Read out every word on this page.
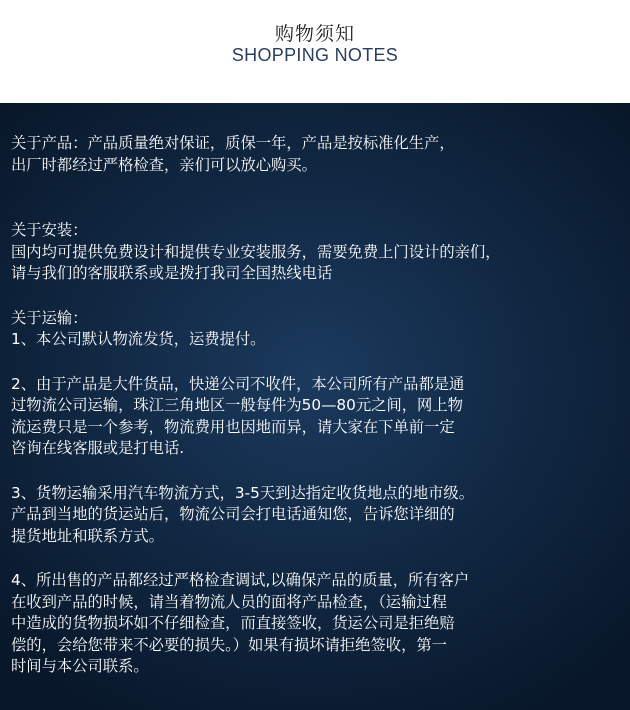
购物须知
SHOPPING NOTES

关于产品：产品质量绝对保证，质保一年，产品是按标准化生产，

出厂时都经过严格检查，亲们可以放心购买。

关于安装：

国内均可提供免费设计和提供专业安装服务，需要免费上门设计的亲们，

请与我们的客服联系或是拨打我司全国热线电话

关于运输：

1、本公司默认物流发货，运费提付。

2、由于产品是大件货品，快递公司不收件，本公司所有产品都是通

过物流公司运输，珠江三角地区一般每件为50—80元之间，网上物

流运费只是一个参考，物流费用也因地而异，请大家在下单前一定

咨询在线客服或是打电话.

3、货物运输采用汽车物流方式，3-5天到达指定收货地点的地市级。

产品到当地的货运站后，物流公司会打电话通知您，告诉您详细的

提货地址和联系方式。

4、所出售的产品都经过严格检查调试,以确保产品的质量，所有客户

在收到产品的时候，请当着物流人员的面将产品检查，（运输过程

中造成的货物损坏如不仔细检查，而直接签收，货运公司是拒绝赔

偿的，会给您带来不必要的损失。）如果有损坏请拒绝签收，第一

时间与本公司联系。
